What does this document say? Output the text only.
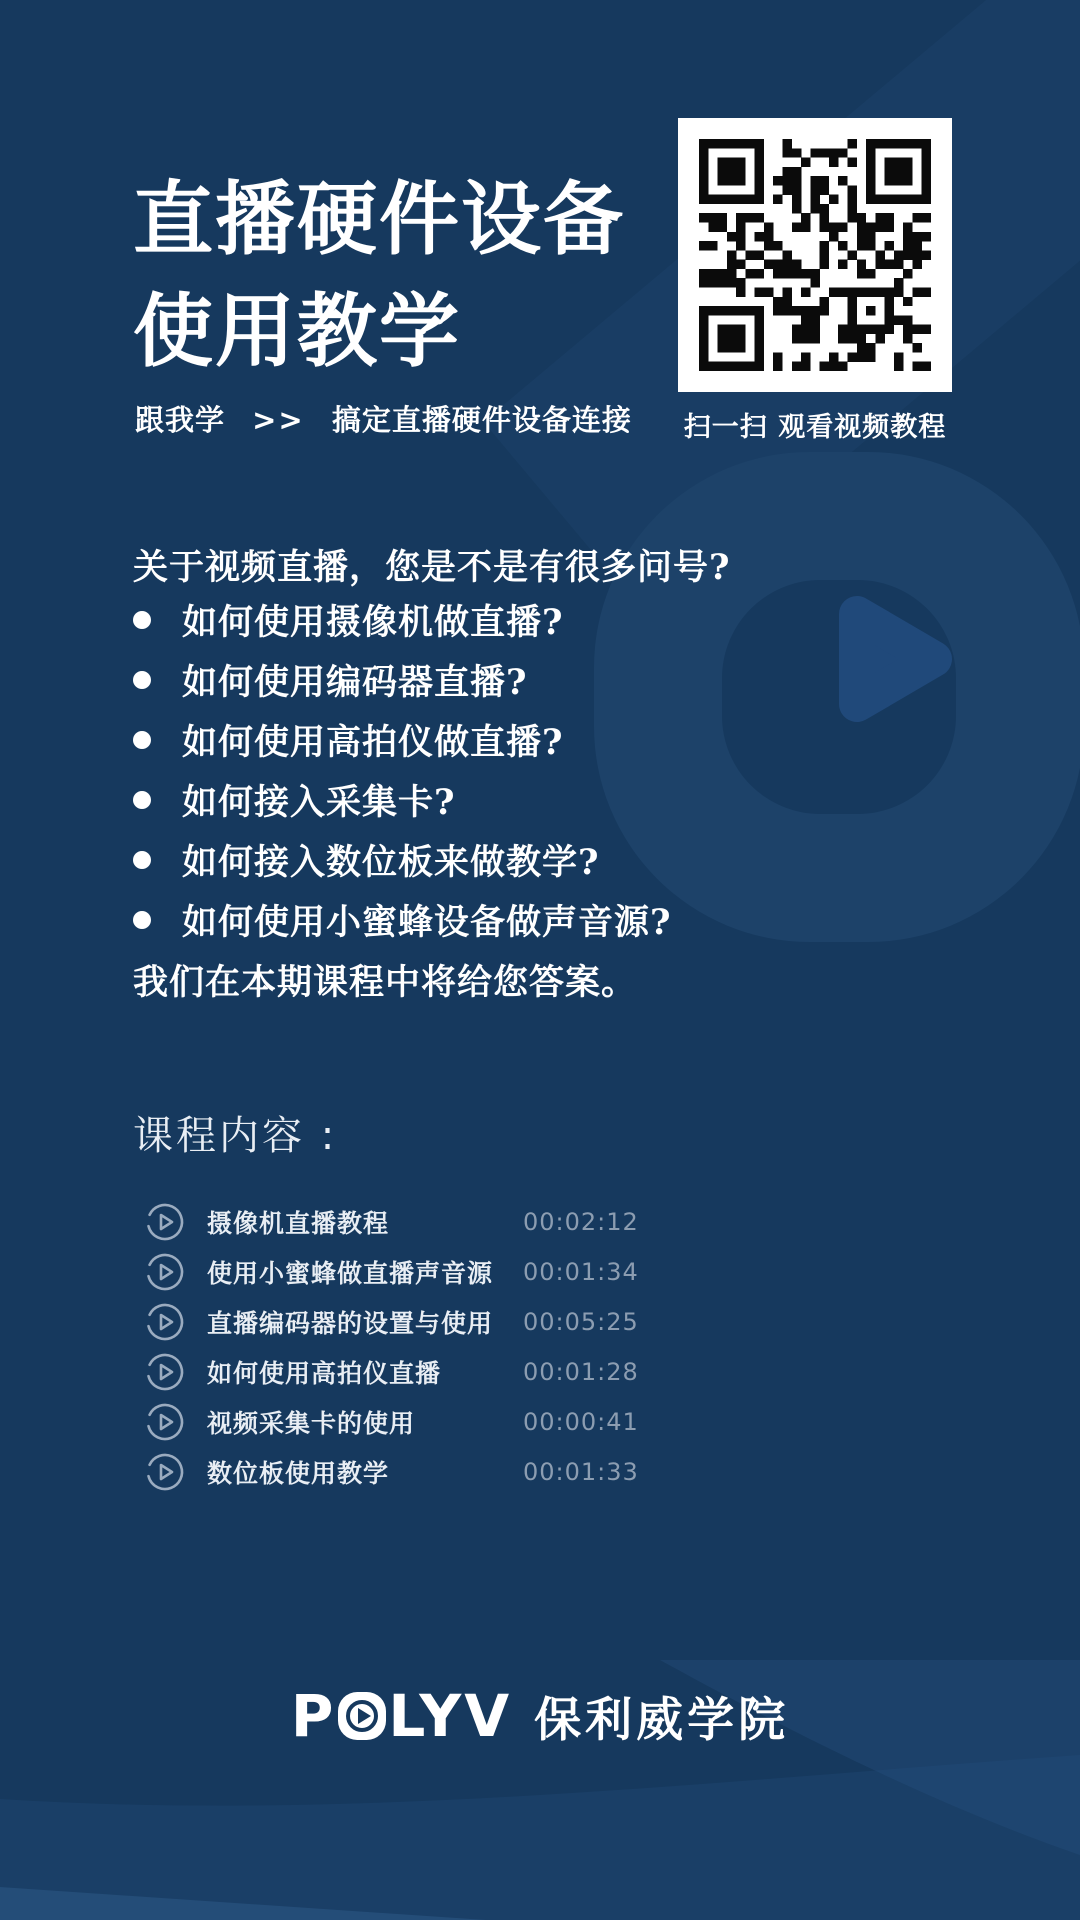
直播硬件设备
使用教学
跟我学 >> 搞定直播硬件设备连接	扫一扫 观看视频教程
关于视频直播，您是不是有很多问号?
如何使用摄像机做直播?
如何使用编码器直播?
如何使用高拍仪做直播?
如何接入采集卡?
如何接入数位板来做教学?
如何使用小蜜蜂设备做声音源?
我们在本期课程中将给您答案。
课程内容 :
摄像机直播教程	00:02:12
使用小蜜蜂做直播声音源	00:01:34
直播编码器的设置与使用	00:05:25
如何使用高拍仪直播	00:01:28
视频采集卡的使用	00:00:41
数位板使用教学	00:01:33
P LYV 保利威学院
